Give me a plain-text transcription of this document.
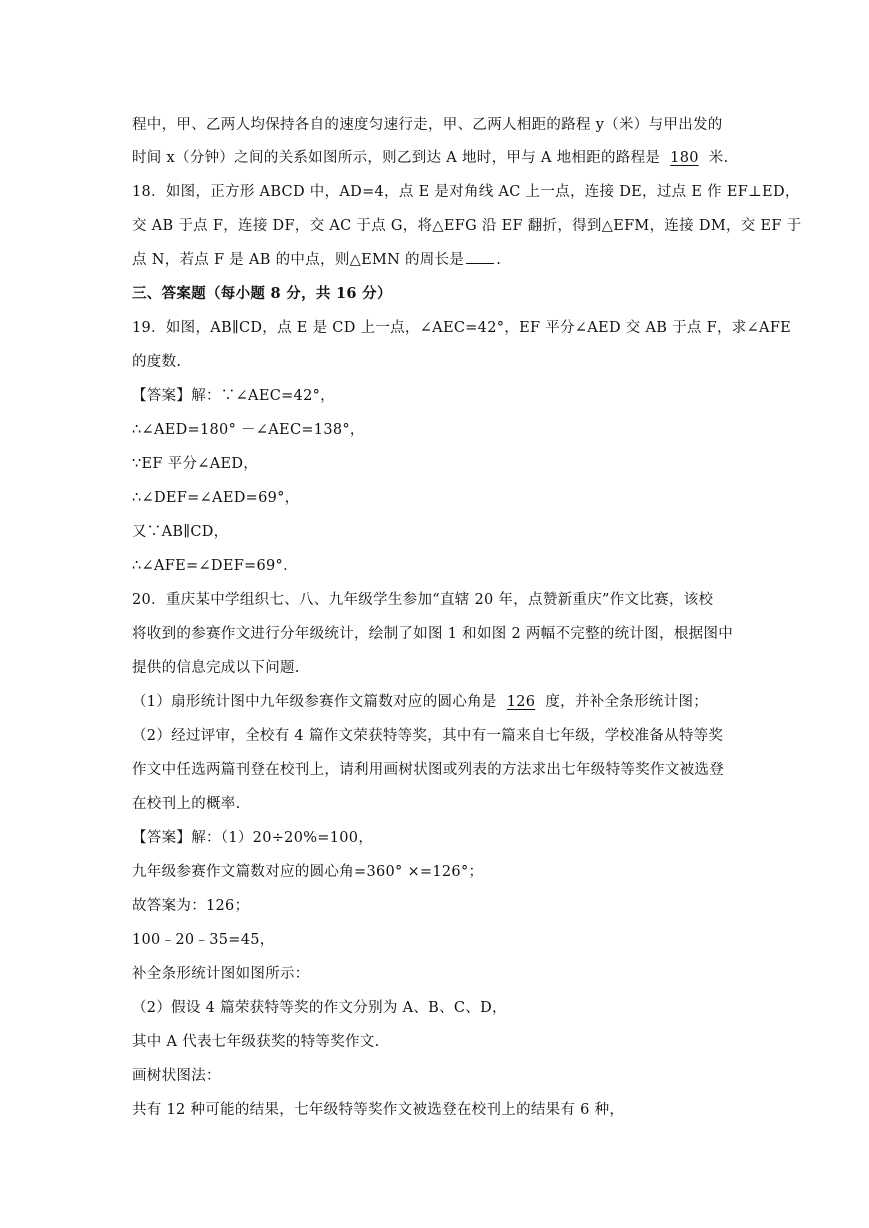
程中，甲、乙两人均保持各自的速度匀速行走，甲、乙两人相距的路程 y（米）与甲出发的
时间 x（分钟）之间的关系如图所示，则乙到达 A 地时，甲与 A 地相距的路程是 180 米.
18．如图，正方形 ABCD 中，AD=4，点 E 是对角线 AC 上一点，连接 DE，过点 E 作 EF⊥ED，
交 AB 于点 F，连接 DF，交 AC 于点 G，将△EFG 沿 EF 翻折，得到△EFM，连接 DM，交 EF 于
点 N，若点 F 是 AB 的中点，则△EMN 的周长是 .
三、答案题（每小题 8 分，共 16 分）
19．如图，AB∥CD，点 E 是 CD 上一点，∠AEC=42°，EF 平分∠AED 交 AB 于点 F，求∠AFE
的度数.
【答案】解：∵∠AEC=42°，
∴∠AED=180° －∠AEC=138°，
∵EF 平分∠AED，
∴∠DEF=∠AED=69°，
又∵AB∥CD，
∴∠AFE=∠DEF=69°．
20．重庆某中学组织七、八、九年级学生参加“直辖 20 年，点赞新重庆”作文比赛，该校
将收到的参赛作文进行分年级统计，绘制了如图 1 和如图 2 两幅不完整的统计图，根据图中
提供的信息完成以下问题.
（1）扇形统计图中九年级参赛作文篇数对应的圆心角是 126 度，并补全条形统计图；
（2）经过评审，全校有 4 篇作文荣获特等奖，其中有一篇来自七年级，学校准备从特等奖
作文中任选两篇刊登在校刊上，请利用画树状图或列表的方法求出七年级特等奖作文被选登
在校刊上的概率.
【答案】解：（1）20÷20%=100，
九年级参赛作文篇数对应的圆心角=360° ×=126°；
故答案为：126；
100﹣20﹣35=45，
补全条形统计图如图所示：
（2）假设 4 篇荣获特等奖的作文分别为 A、B、C、D，
其中 A 代表七年级获奖的特等奖作文.
画树状图法：
共有 12 种可能的结果，七年级特等奖作文被选登在校刊上的结果有 6 种，
